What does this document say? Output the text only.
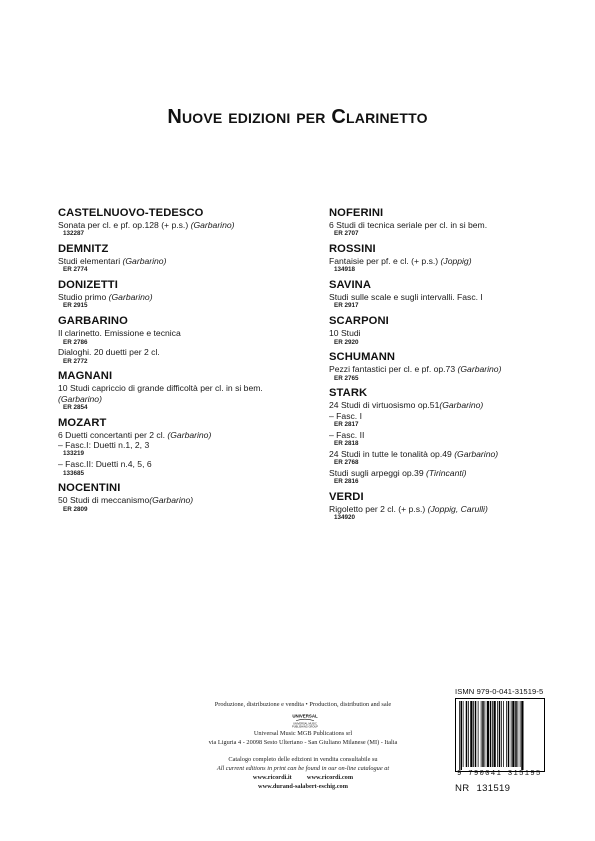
Nuove edizioni per Clarinetto
CASTELNUOVO-TEDESCO
Sonata per cl. e pf. op.128 (+ p.s.) (Garbarino)
132287
DEMNITZ
Studi elementari (Garbarino)
ER 2774
DONIZETTI
Studio primo (Garbarino)
ER 2915
GARBARINO
Il clarinetto. Emissione e tecnica
ER 2786
Dialoghi. 20 duetti per 2 cl.
ER 2772
MAGNANI
10 Studi capriccio di grande difficoltà per cl. in si bem.
(Garbarino)
ER 2854
MOZART
6 Duetti concertanti per 2 cl. (Garbarino)
– Fasc.I: Duetti n.1, 2, 3
133219
– Fasc.II: Duetti n.4, 5, 6
133685
NOCENTINI
50 Studi di meccanismo(Garbarino)
ER 2809
NOFERINI
6 Studi di tecnica seriale per cl. in si bem.
ER 2707
ROSSINI
Fantaisie per pf. e cl. (+ p.s.) (Joppig)
134918
SAVINA
Studi sulle scale e sugli intervalli. Fasc. I
ER 2917
SCARPONI
10 Studi
ER 2920
SCHUMANN
Pezzi fantastici per cl. e pf. op.73 (Garbarino)
ER 2765
STARK
24 Studi di virtuosismo op.51(Garbarino)
– Fasc. I
ER 2817
– Fasc. II
ER 2818
24 Studi in tutte le tonalità op.49 (Garbarino)
ER 2768
Studi sugli arpeggi op.39 (Tirincanti)
ER 2816
VERDI
Rigoletto per 2 cl. (+ p.s.) (Joppig, Carulli)
134920
Produzione, distribuzione e vendita • Production, distribution and sale
UNIVERSAL
UNIVERSAL MUSIC
PUBLISHING GROUP
Universal Music MGB Publications srl
via Liguria 4 - 20098 Sesto Ulteriano - San Giuliano Milanese (MI) - Italia
Catalogo completo delle edizioni in vendita consultabile su
All current editions in print can be found in our on-line catalogue at
www.ricordi.it www.ricordi.com
www.durand-salabert-eschig.com
ISMN 979-0-041-31519-5
9 790041 315195
NR 131519
